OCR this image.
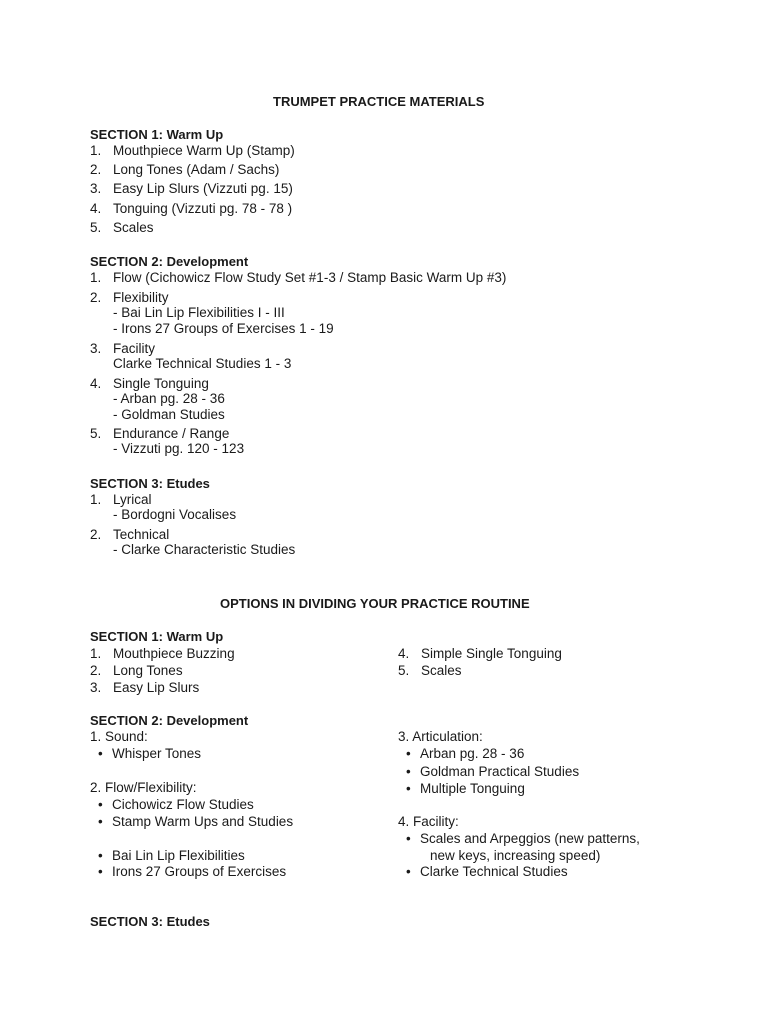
TRUMPET PRACTICE MATERIALS
SECTION 1: Warm Up
1. Mouthpiece Warm Up (Stamp)
2. Long Tones (Adam / Sachs)
3. Easy Lip Slurs (Vizzuti pg. 15)
4. Tonguing (Vizzuti pg. 78 - 78 )
5. Scales
SECTION 2: Development
1. Flow (Cichowicz Flow Study Set #1-3 / Stamp Basic Warm Up #3)
2. Flexibility
- Bai Lin Lip Flexibilities I - III
- Irons 27 Groups of Exercises 1 - 19
3. Facility
Clarke Technical Studies 1 - 3
4. Single Tonguing
- Arban pg. 28 - 36
- Goldman Studies
5. Endurance / Range
- Vizzuti pg. 120 - 123
SECTION 3: Etudes
1. Lyrical
- Bordogni Vocalises
2. Technical
- Clarke Characteristic Studies
OPTIONS IN DIVIDING YOUR PRACTICE ROUTINE
SECTION 1: Warm Up
1. Mouthpiece Buzzing
2. Long Tones
3. Easy Lip Slurs
4. Simple Single Tonguing
5. Scales
SECTION 2: Development
1. Sound:
• Whisper Tones
2. Flow/Flexibility:
• Cichowicz Flow Studies
• Stamp Warm Ups and Studies
• Bai Lin Lip Flexibilities
• Irons 27 Groups of Exercises
3. Articulation:
• Arban pg. 28 - 36
• Goldman Practical Studies
• Multiple Tonguing
4. Facility:
• Scales and Arpeggios (new patterns,
new keys, increasing speed)
• Clarke Technical Studies
SECTION 3: Etudes
